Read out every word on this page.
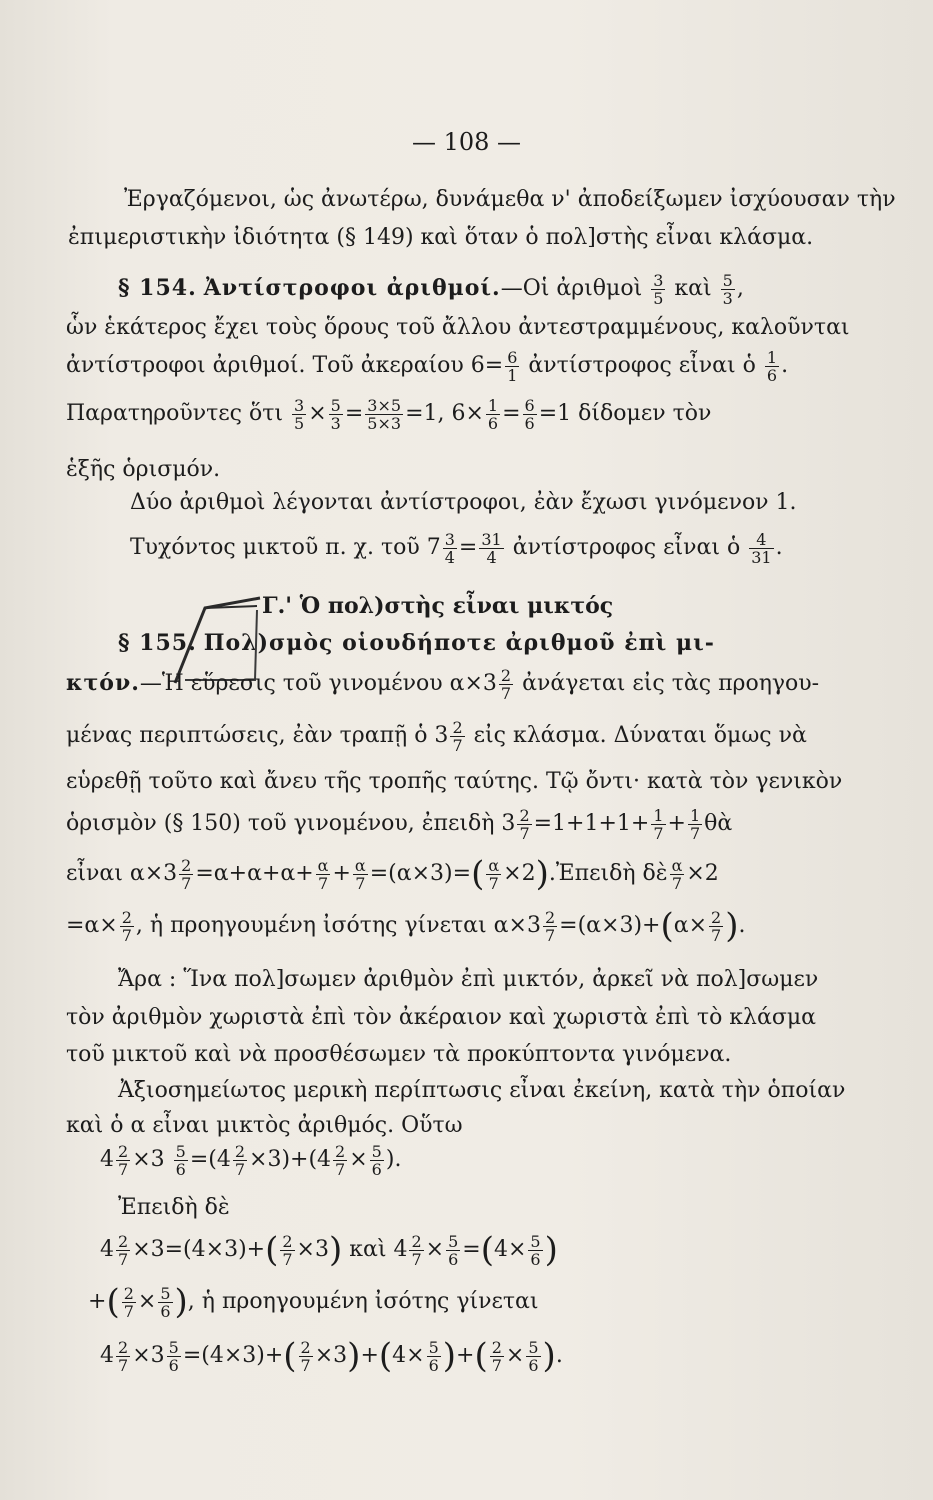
— 108 —
Ἐργαζόμενοι, ὡς ἀνωτέρω, δυνάμεθα ν' ἀποδείξωμεν ἰσχύουσαν τὴν
ἐπιμεριστικὴν ἰδιότητα (§ 149) καὶ ὅταν ὁ πολ]στὴς εἶναι κλάσμα.
§ 154. Ἀντίστροφοι ἀριθμοί.—Οἱ ἀριθμοὶ $\frac{3}{5}$ καὶ $\frac{5}{3}$ ,
ὧν ἑκάτερος ἔχει τοὺς ὅρους τοῦ ἄλλου ἀντεστραμμένους, καλοῦνται
ἀντίστροφοι ἀριθμοί. Τοῦ ἀκεραίου $6= \frac{6}{1}$ ἀντίστροφος εἶναι ὁ $\frac{1}{6}$ .
Παρατηροῦντες ὅτι $\frac{3}{5} \times \frac{5}{3} = \frac{3\times 5}{5\times 3} =1$, $6\times \frac{1}{6} = \frac{6}{6} =1$ δίδομεν τὸν
ἑξῆς ὁρισμόν.
Δύο ἀριθμοὶ λέγονται ἀντίστροφοι, ἐὰν ἔχωσι γινόμενον 1.
Τυχόντος μικτοῦ π. χ. τοῦ $7 \frac{3}{4} = \frac{31}{4}$ ἀντίστροφος εἶναι ὁ $\frac{4}{31}$ .
Γ.' Ὁ πολ)στὴς εἶναι μικτός
§ 155. Πολ)σμὸς οἱουδήποτε ἀριθμοῦ ἐπὶ μι-
κτόν.—Ἡ εὕρεσις τοῦ γινομένου $\alpha\times 3 \frac{2}{7}$ ἀνάγεται εἰς τὰς προηγου-
μένας περιπτώσεις, ἐὰν τραπῇ ὁ $3 \frac{2}{7}$ εἰς κλάσμα. Δύναται ὅμως νὰ
εὑρεθῇ τοῦτο καὶ ἄνευ τῆς τροπῆς ταύτης. Τῷ ὄντι· κατὰ τὸν γενικὸν
ὁρισμὸν (§ 150) τοῦ γινομένου, ἐπειδὴ $3 \frac{2}{7} =1+1+1+ \frac{1}{7} + \frac{1}{7}$ θὰ
εἶναι $\alpha\times 3 \frac{2}{7} =\alpha+\alpha+\alpha+ \frac{\alpha}{7} + \frac{\alpha}{7} =(\alpha\times 3)=( \frac{\alpha}{7}$ ×2).Ἐπειδὴ δὲ $\frac{\alpha}{7} \times 2$
$=\alpha\times \frac{2}{7}$ , ἡ προηγουμένη ἰσότης γίνεται $\alpha\times 3 \frac{2}{7} =(\alpha\times 3)+(\alpha\times \frac{2}{7}$ ).
Ἄρα : Ἵνα πολ]σωμεν ἀριθμὸν ἐπὶ μικτόν, ἀρκεῖ νὰ πολ]σωμεν
τὸν ἀριθμὸν χωριστὰ ἐπὶ τὸν ἀκέραιον καὶ χωριστὰ ἐπὶ τὸ κλάσμα
τοῦ μικτοῦ καὶ νὰ προσθέσωμεν τὰ προκύπτοντα γινόμενα.
Ἀξιοσημείωτος μερικὴ περίπτωσις εἶναι ἐκείνη, κατὰ τὴν ὁποίαν
καὶ ὁ α εἶναι μικτὸς ἀριθμός. Οὕτω
$4 \frac{2}{7} \times 3 \frac{5}{6} =(4 \frac{2}{7} \times 3)+(4 \frac{2}{7} \times \frac{5}{6}$ ).
Ἐπειδὴ δὲ
$4 \frac{2}{7} \times 3=(4\times 3)+( \frac{2}{7} \times 3)$ καὶ $4 \frac{2}{7} \times \frac{5}{6} =(4\times \frac{5}{6}$ )
+( $\frac{2}{7} \times \frac{5}{6}$ ), ἡ προηγουμένη ἰσότης γίνεται
$4 \frac{2}{7} \times 3 \frac{5}{6} =(4\times 3)+( \frac{2}{7} \times 3)+(4\times \frac{5}{6}$ )+( $\frac{2}{7} \times \frac{5}{6}$ ).
